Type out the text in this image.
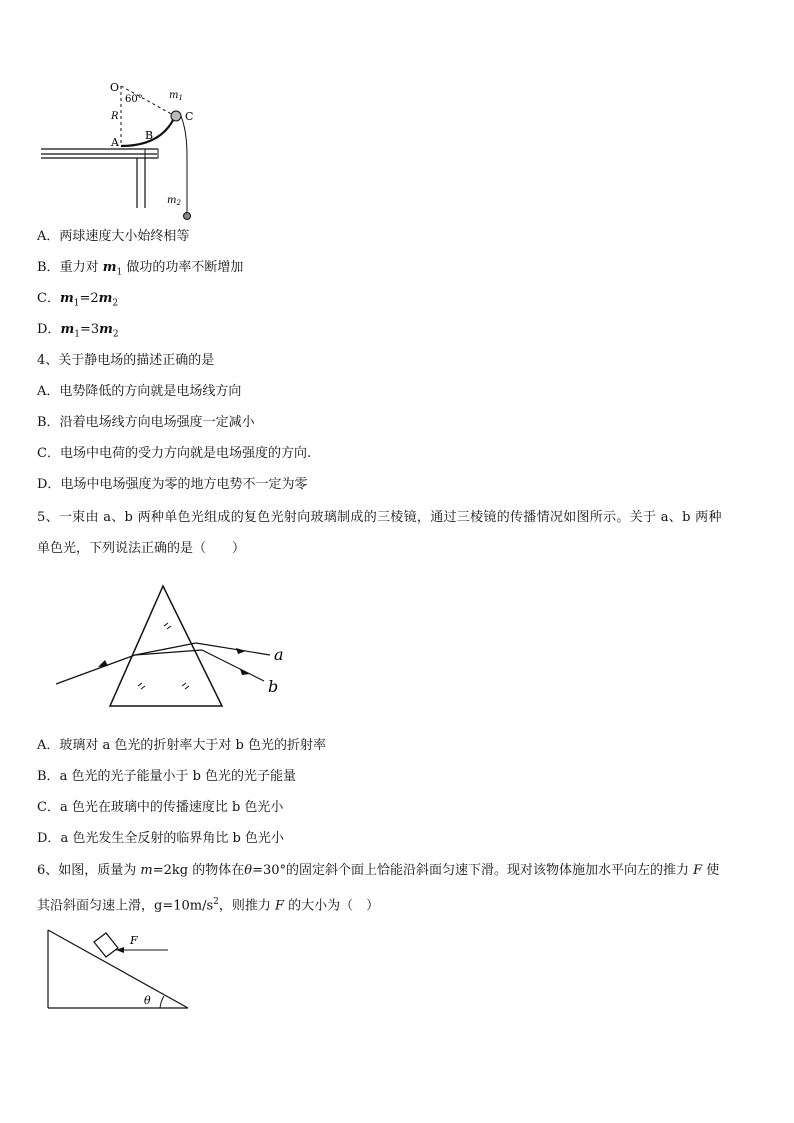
O
60°	$m_1$
R
B
C
A
$m_2$
A．两球速度大小始终相等
B．重力对 $m_1$ 做功的功率不断增加
C．$m_1=2m_2$
D．$m_1=3m_2$
4、关于静电场的描述正确的是
A．电势降低的方向就是电场线方向
B．沿着电场线方向电场强度一定减小
C．电场中电荷的受力方向就是电场强度的方向.
D．电场中电场强度为零的地方电势不一定为零
5、一束由 a、b 两种单色光组成的复色光射向玻璃制成的三棱镜，通过三棱镜的传播情况如图所示。关于 a、b 两种
单色光，下列说法正确的是（　　）
a
b
A．玻璃对 a 色光的折射率大于对 b 色光的折射率
B．a 色光的光子能量小于 b 色光的光子能量
C．a 色光在玻璃中的传播速度比 b 色光小
D．a 色光发生全反射的临界角比 b 色光小
6、如图，质量为 m=2kg 的物体在θ=30°的固定斜个面上恰能沿斜面匀速下滑。现对该物体施加水平向左的推力 F 使
其沿斜面匀速上滑，$g=10m/s^2$，则推力 F 的大小为（　）
F
θ
